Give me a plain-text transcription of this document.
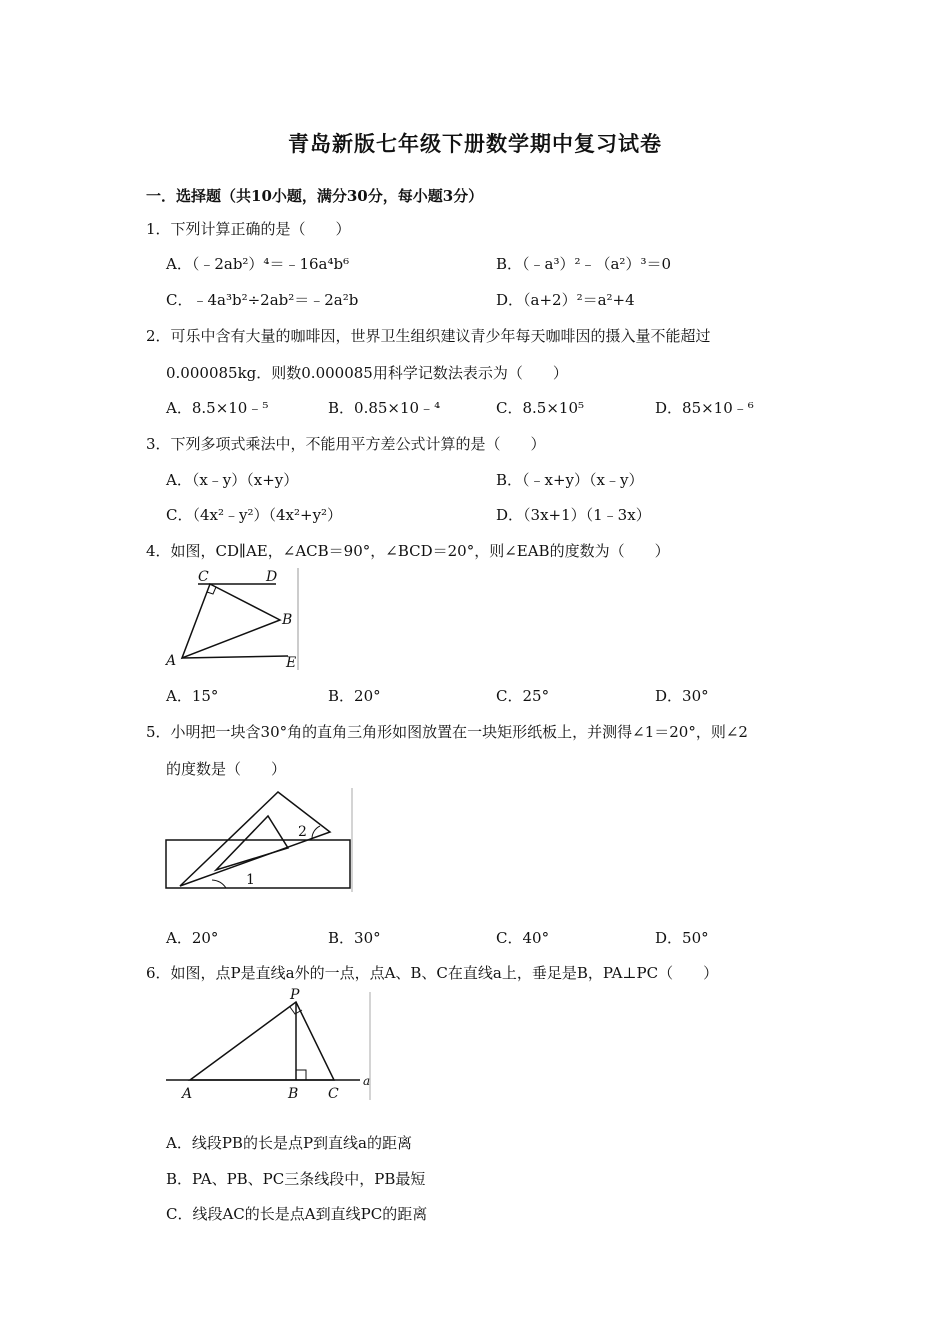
青岛新版七年级下册数学期中复习试卷
一．选择题（共10小题，满分30分，每小题3分）
1．下列计算正确的是（　　）
A．（﹣2ab²）⁴＝﹣16a⁴b⁶	B．（﹣a³）²﹣（a²）³＝0
C．﹣4a³b²÷2ab²＝﹣2a²b	D．（a+2）²＝a²+4
2．可乐中含有大量的咖啡因，世界卫生组织建议青少年每天咖啡因的摄入量不能超过
0.000085kg．则数0.000085用科学记数法表示为（　　）
A．8.5×10﹣⁵	B．0.85×10﹣⁴	C．8.5×10⁵	D．85×10﹣⁶
3．下列多项式乘法中，不能用平方差公式计算的是（　　）
A．（x﹣y）（x+y）	B．（﹣x+y）（x﹣y）
C．（4x²﹣y²）（4x²+y²）	D．（3x+1）（1﹣3x）
4．如图，CD∥AE，∠ACB＝90°，∠BCD＝20°，则∠EAB的度数为（　　）
C	D
B
A	E
A．15°	B．20°	C．25°	D．30°
5．小明把一块含30°角的直角三角形如图放置在一块矩形纸板上，并测得∠1＝20°，则∠2
的度数是（　　）
1
2
A．20°	B．30°	C．40°	D．50°
6．如图，点P是直线a外的一点，点A、B、C在直线a上，垂足是B，PA⊥PC（　　）
P
A	B C
a
A．线段PB的长是点P到直线a的距离
B．PA、PB、PC三条线段中，PB最短
C．线段AC的长是点A到直线PC的距离
